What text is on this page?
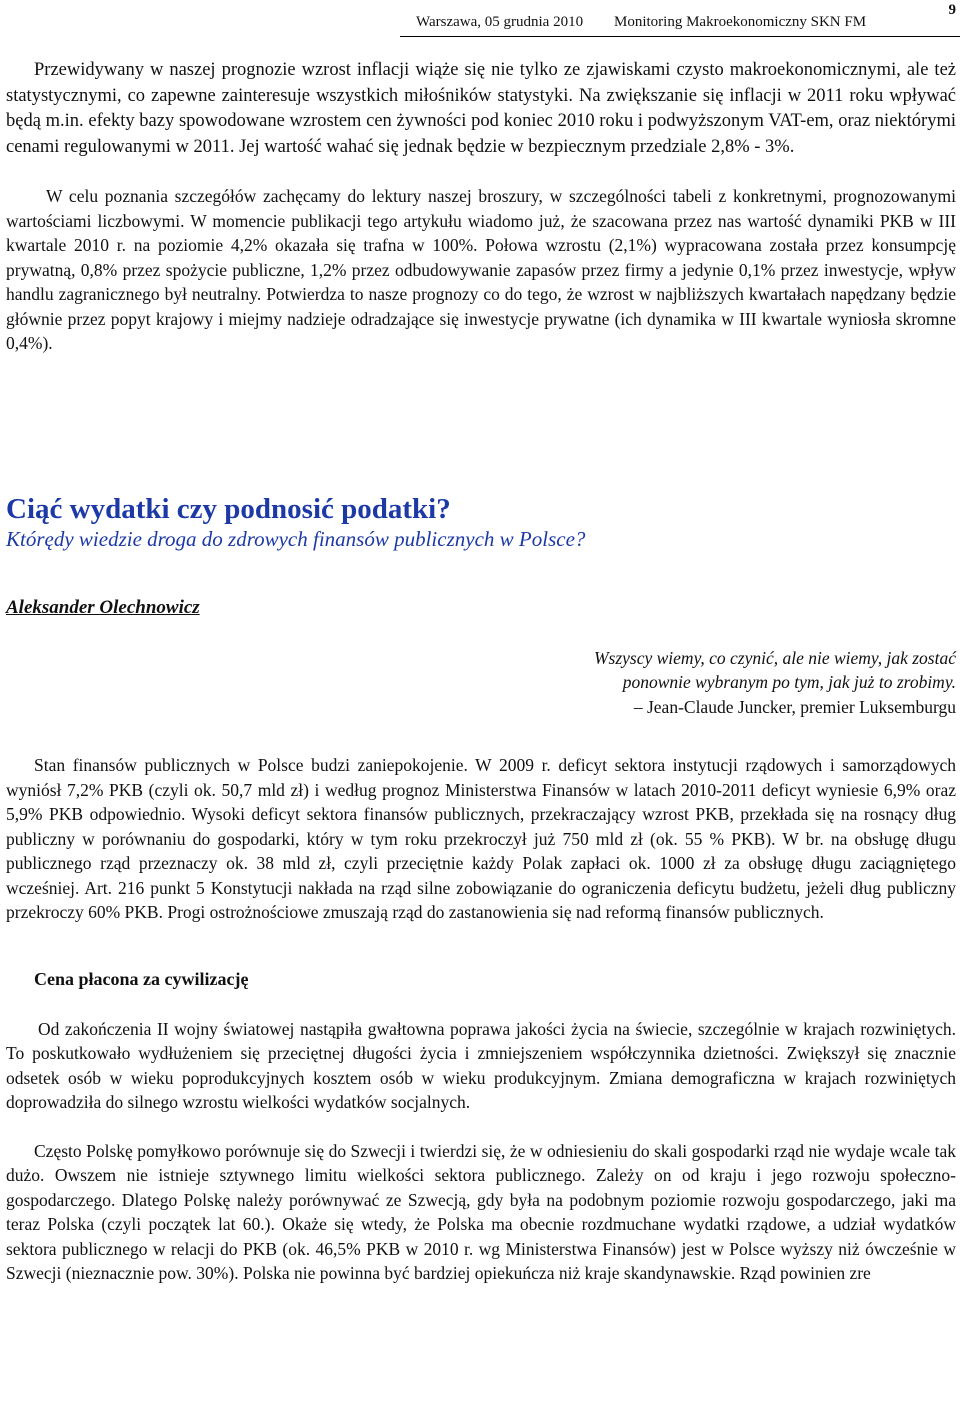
Warszawa, 05 grudnia 2010 Monitoring Makroekonomiczny SKN FM
9

Przewidywany w naszej prognozie wzrost inflacji wiąże się nie tylko ze zjawiskami czysto makroekonomicznymi, ale też statystycznymi, co zapewne zainteresuje wszystkich miłośników statystyki. Na zwiększanie się inflacji w 2011 roku wpływać będą m.in. efekty bazy spowodowane wzrostem cen żywności pod koniec 2010 roku i podwyższonym VAT-em, oraz niektórymi cenami regulowanymi w 2011. Jej wartość wahać się jednak będzie w bezpiecznym przedziale 2,8% - 3%.

W celu poznania szczegółów zachęcamy do lektury naszej broszury, w szczególności tabeli z konkretnymi, prognozowanymi wartościami liczbowymi. W momencie publikacji tego artykułu wiadomo już, że szacowana przez nas wartość dynamiki PKB w III kwartale 2010 r. na poziomie 4,2% okazała się trafna w 100%. Połowa wzrostu (2,1%) wypracowana została przez konsumpcję prywatną, 0,8% przez spożycie publiczne, 1,2% przez odbudowywanie zapasów przez firmy a jedynie 0,1% przez inwestycje, wpływ handlu zagranicznego był neutralny. Potwierdza to nasze prognozy co do tego, że wzrost w najbliższych kwartałach napędzany będzie głównie przez popyt krajowy i miejmy nadzieje odradzające się inwestycje prywatne (ich dynamika w III kwartale wyniosła skromne 0,4%).

Ciąć wydatki czy podnosić podatki?
Którędy wiedzie droga do zdrowych finansów publicznych w Polsce?
Aleksander Olechnowicz
Wszyscy wiemy, co czynić, ale nie wiemy, jak zostać
ponownie wybranym po tym, jak już to zrobimy.
– Jean-Claude Juncker, premier Luksemburgu

Stan finansów publicznych w Polsce budzi zaniepokojenie. W 2009 r. deficyt sektora instytucji rządowych i samorządowych wyniósł 7,2% PKB (czyli ok. 50,7 mld zł) i według prognoz Ministerstwa Finansów w latach 2010-2011 deficyt wyniesie 6,9% oraz 5,9% PKB odpowiednio. Wysoki deficyt sektora finansów publicznych, przekraczający wzrost PKB, przekłada się na rosnący dług publiczny w porównaniu do gospodarki, który w tym roku przekroczył już 750 mld zł (ok. 55 % PKB). W br. na obsługę długu publicznego rząd przeznaczy ok. 38 mld zł, czyli przeciętnie każdy Polak zapłaci ok. 1000 zł za obsługę długu zaciągniętego wcześniej. Art. 216 punkt 5 Konstytucji nakłada na rząd silne zobowiązanie do ograniczenia deficytu budżetu, jeżeli dług publiczny przekroczy 60% PKB. Progi ostrożnościowe zmuszają rząd do zastanowienia się nad reformą finansów publicznych.

Cena płacona za cywilizację

Od zakończenia II wojny światowej nastąpiła gwałtowna poprawa jakości życia na świecie, szczególnie w krajach rozwiniętych. To poskutkowało wydłużeniem się przeciętnej długości życia i zmniejszeniem współczynnika dzietności. Zwiększył się znacznie odsetek osób w wieku poprodukcyjnych kosztem osób w wieku produkcyjnym. Zmiana demograficzna w krajach rozwiniętych doprowadziła do silnego wzrostu wielkości wydatków socjalnych.

Często Polskę pomyłkowo porównuje się do Szwecji i twierdzi się, że w odniesieniu do skali gospodarki rząd nie wydaje wcale tak dużo. Owszem nie istnieje sztywnego limitu wielkości sektora publicznego. Zależy on od kraju i jego rozwoju społeczno-gospodarczego. Dlatego Polskę należy porównywać ze Szwecją, gdy była na podobnym poziomie rozwoju gospodarczego, jaki ma teraz Polska (czyli początek lat 60.). Okaże się wtedy, że Polska ma obecnie rozdmuchane wydatki rządowe, a udział wydatków sektora publicznego w relacji do PKB (ok. 46,5% PKB w 2010 r. wg Ministerstwa Finansów) jest w Polsce wyższy niż ówcześnie w Szwecji (nieznacznie pow. 30%). Polska nie powinna być bardziej opiekuńcza niż kraje skandynawskie. Rząd powinien zre
